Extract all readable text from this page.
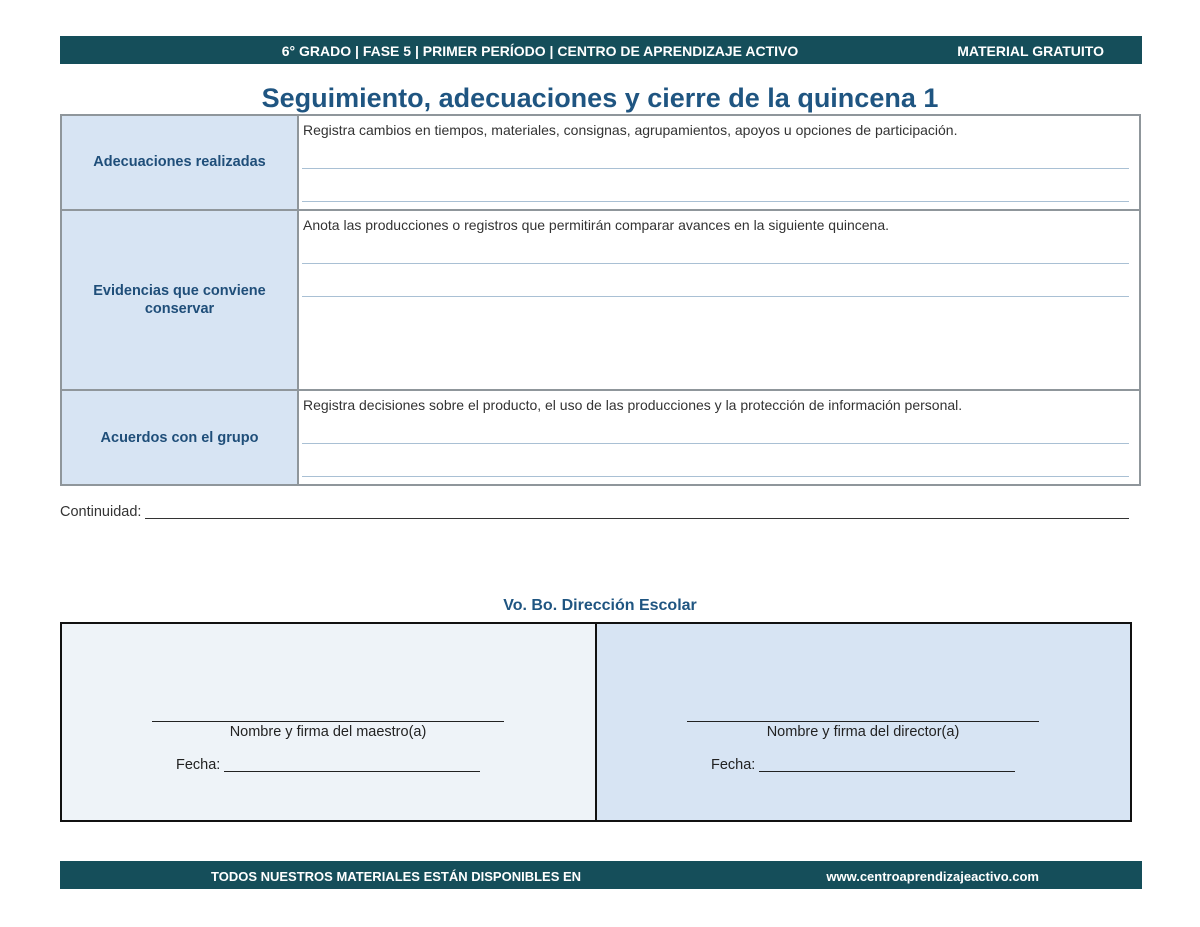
6° GRADO | FASE 5 | PRIMER PERÍODO | CENTRO DE APRENDIZAJE ACTIVO	MATERIAL GRATUITO
Seguimiento, adecuaciones y cierre de la quincena 1
Adecuaciones realizadas	Registra cambios en tiempos, materiales, consignas, agrupamientos, apoyos u opciones de participación.

Evidencias que conviene conservar	Anota las producciones o registros que permitirán comparar avances en la siguiente quincena.

Acuerdos con el grupo	Registra decisiones sobre el producto, el uso de las producciones y la protección de información personal.
Continuidad:
Vo. Bo. Dirección Escolar
Nombre y firma del maestro(a)
Fecha:
Nombre y firma del director(a)
Fecha:
TODOS NUESTROS MATERIALES ESTÁN DISPONIBLES EN	www.centroaprendizajeactivo.com
